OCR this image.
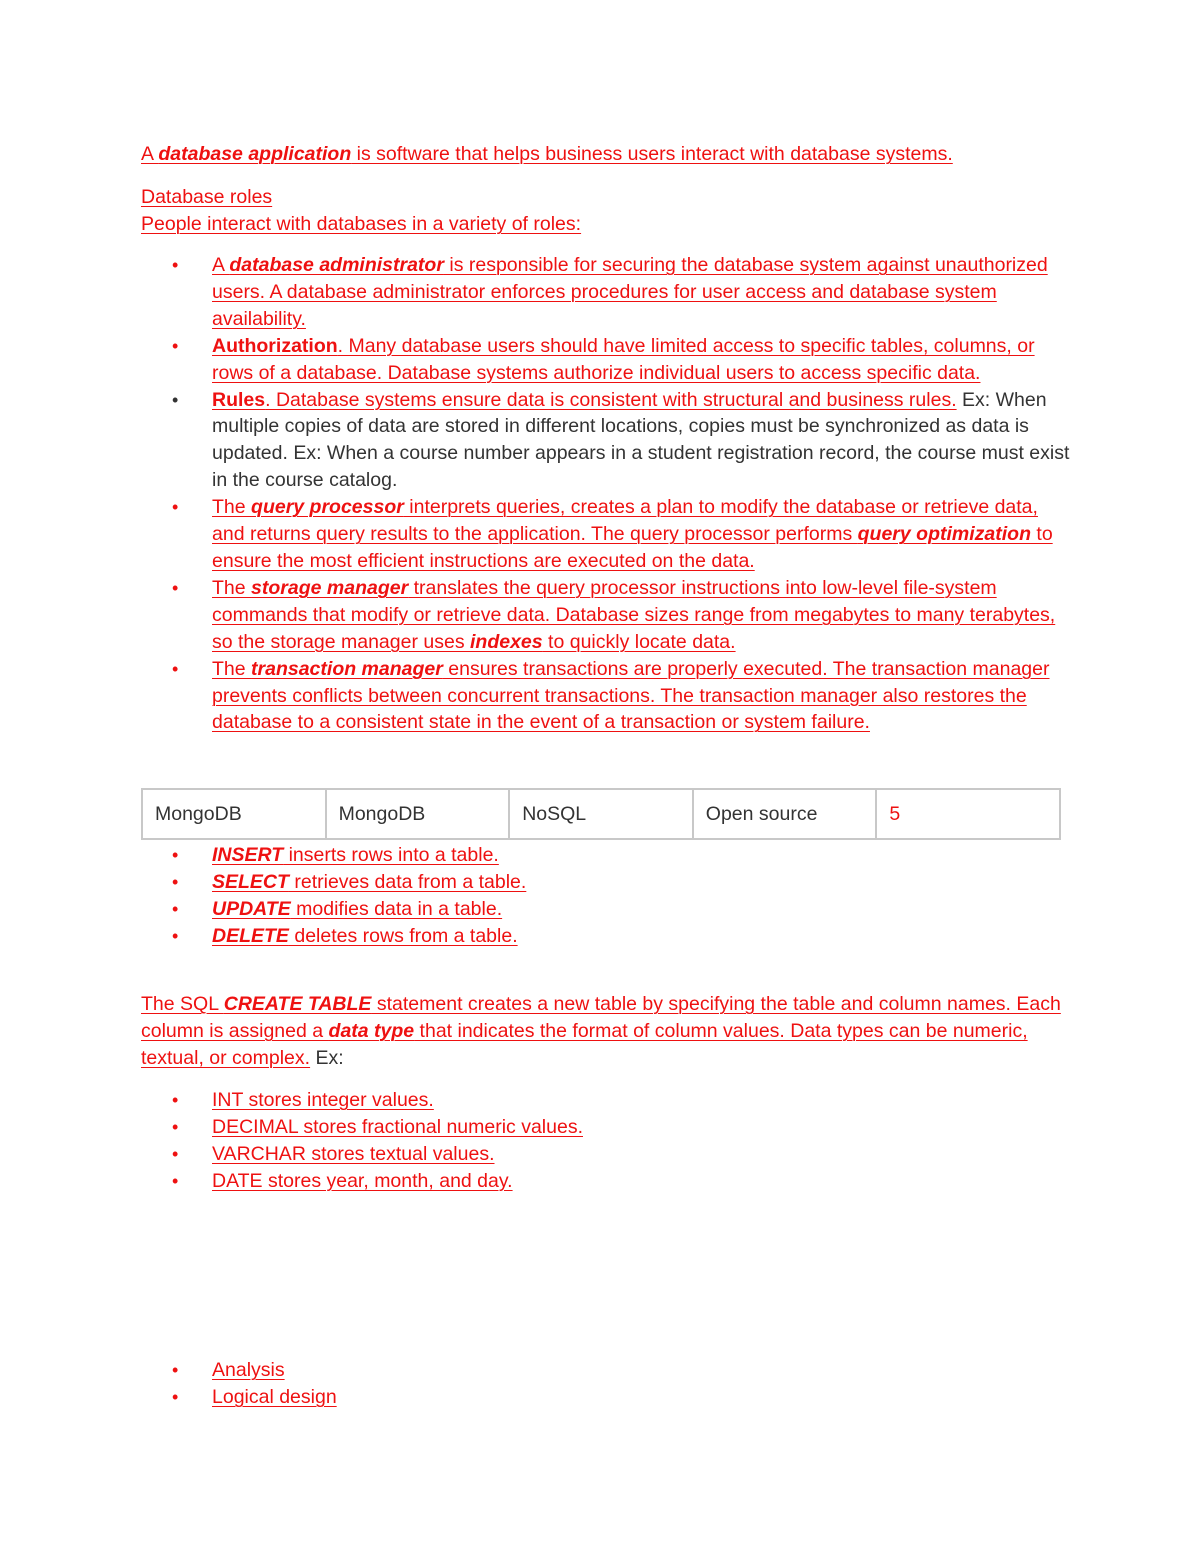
A database application is software that helps business users interact with database systems.
Database roles
People interact with databases in a variety of roles:
• A database administrator is responsible for securing the database system against unauthorized users. A database administrator enforces procedures for user access and database system availability.
• Authorization. Many database users should have limited access to specific tables, columns, or rows of a database. Database systems authorize individual users to access specific data.
• Rules. Database systems ensure data is consistent with structural and business rules. Ex: When multiple copies of data are stored in different locations, copies must be synchronized as data is updated. Ex: When a course number appears in a student registration record, the course must exist in the course catalog.
• The query processor interprets queries, creates a plan to modify the database or retrieve data, and returns query results to the application. The query processor performs query optimization to ensure the most efficient instructions are executed on the data.
• The storage manager translates the query processor instructions into low-level file-system commands that modify or retrieve data. Database sizes range from megabytes to many terabytes, so the storage manager uses indexes to quickly locate data.
• The transaction manager ensures transactions are properly executed. The transaction manager prevents conflicts between concurrent transactions. The transaction manager also restores the database to a consistent state in the event of a transaction or system failure.
MongoDB	MongoDB	NoSQL	Open source	5
• INSERT inserts rows into a table.
• SELECT retrieves data from a table.
• UPDATE modifies data in a table.
• DELETE deletes rows from a table.
The SQL CREATE TABLE statement creates a new table by specifying the table and column names. Each column is assigned a data type that indicates the format of column values. Data types can be numeric, textual, or complex. Ex:
• INT stores integer values.
• DECIMAL stores fractional numeric values.
• VARCHAR stores textual values.
• DATE stores year, month, and day.
• Analysis
• Logical design
